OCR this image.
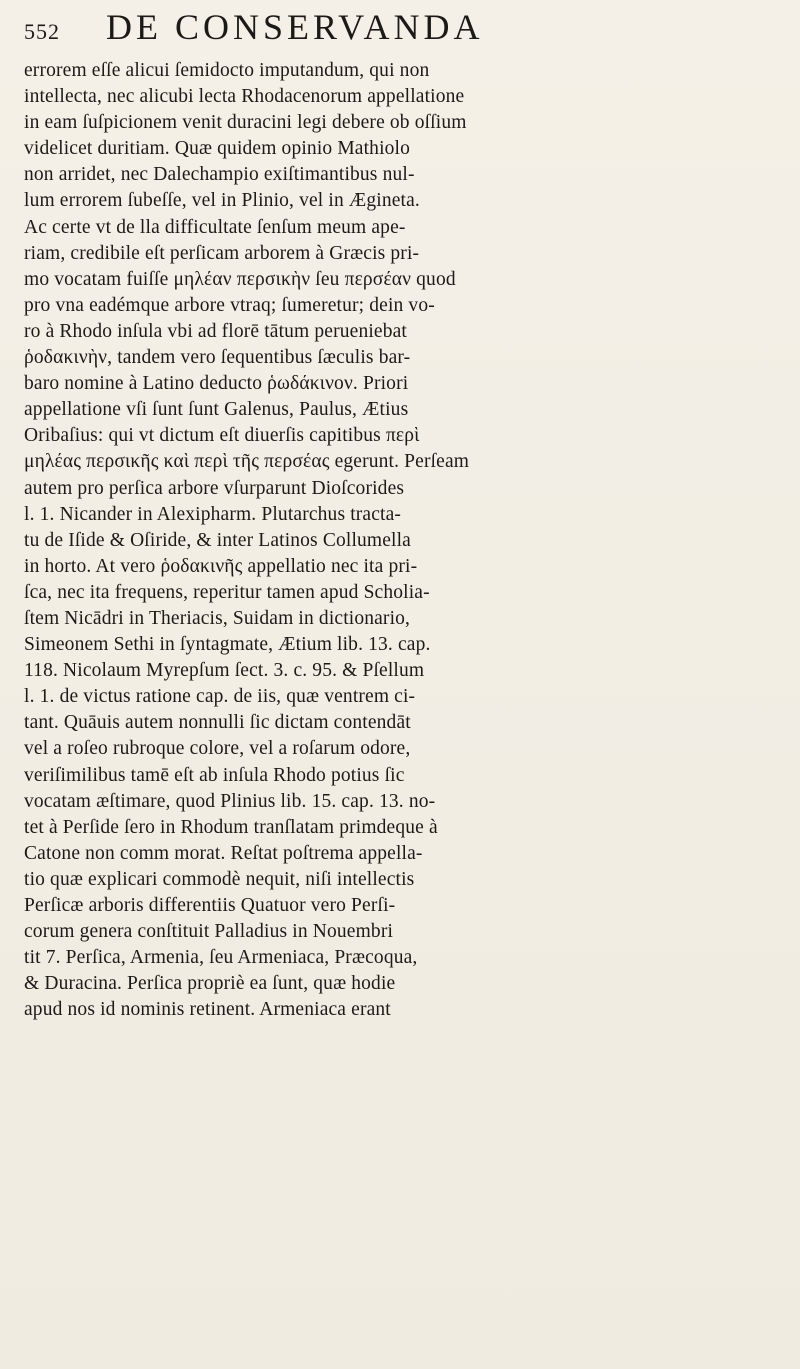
552 DE CONSERVANDA
errorem eſſe alicui ſemidocto imputandum, qui non
intellecta, nec alicubi lecta Rhodacenorum appellatione
in eam ſuſpicionem venit duracini legi debere ob oſſium
videlicet duritiam. Quæ quidem opinio Mathiolo
non arridet, nec Dalechampio exiſtimantibus nul-
lum errorem ſubeſſe, vel in Plinio, vel in Æginetа.
Ac certe vt de lla difficultate ſenſum meum ape-
riam, credibile eſt perſicam arborem à Græcis pri-
mo vocatam fuiſſe μηλέαν περσικὴν ſeu περσέαν quod
pro vna eadémque arbore vtraq; ſumeretur; dein vo-
ro à Rhodo inſula vbi ad florē tātum perueniebat
ῥοδακινὴν, tandem vero ſequentibus ſæculis bar-
baro nomine à Latino deducto ῥωδάκινον. Priori
appellatione vſi ſunt ſunt Galenus, Paulus, Ætius
Oribaſius: qui vt dictum eſt diuerſis capitibus περὶ
μηλέας περσικῆς καὶ περὶ τῆς περσέας egerunt. Perſeam
autem pro perſica arbore vſurparunt Dioſcorides
l. 1. Nicander in Alexipharm. Plutarchus tracta-
tu de Iſide & Oſiride, & inter Latinos Collumella
in horto. At vero ῥοδακινῆς appellatio nec ita pri-
ſca, nec ita frequens, reperitur tamen apud Scholia-
ſtem Nicādri in Theriacis, Suidam in dictionario,
Simeonem Sethi in ſyntagmate, Ætium lib. 13. cap.
118. Nicolaum Myrepſum ſect. 3. c. 95. & Pſellum
l. 1. de victus ratione cap. de iis, quæ ventrem ci-
tant. Quāuis autem nonnulli ſic dictam contendāt
vel a roſeo rubroque colore, vel a roſarum odore,
veriſimilibus tamē eſt ab inſula Rhodo potius ſic
vocatam æſtimare, quod Plinius lib. 15. cap. 13. no-
tet à Perſide ſero in Rhodum tranſlatam primdeque à
Catone non comm morat. Reſtat poſtrema appella-
tio quæ explicari commodè nequit, niſi intellectis
Perſicæ arboris differentiis Quatuor vero Perſi-
corum genera conſtituit Palladius in Nouembri
tit 7. Perſica, Armenia, ſeu Armeniaca, Præcoqua,
& Duracina. Perſica propriè ea ſunt, quæ hodie
apud nos id nominis retinent. Armeniaca erant
